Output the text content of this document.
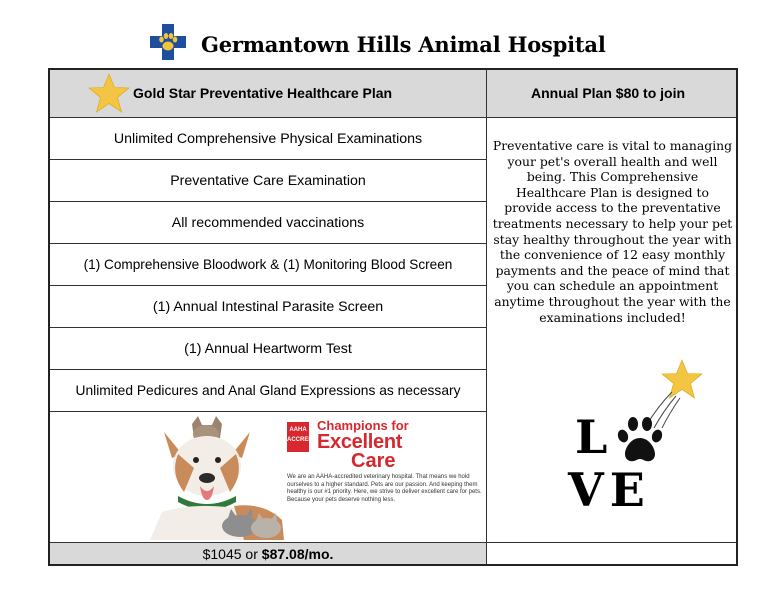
Germantown Hills Animal Hospital
Gold Star Preventative Healthcare Plan	Annual Plan $80 to join
Unlimited Comprehensive Physical Examinations
Preventative Care Examination
All recommended vaccinations
(1) Comprehensive Bloodwork & (1) Monitoring Blood Screen
(1) Annual Intestinal Parasite Screen
(1) Annual Heartworm Test
Unlimited Pedicures and Anal Gland Expressions as necessary
AAHA ACCREDITED
Champions for
Excellent
Care
We are an AAHA-accredited veterinary hospital. That means we hold ourselves to a higher standard. Pets are our passion. And keeping them healthy is our #1 priority. Here, we strive to deliver excellent care for pets. Because your pets deserve nothing less.
Preventative care is vital to managing your pet's overall health and well being. This Comprehensive Healthcare Plan is designed to provide access to the preventative treatments necessary to help your pet stay healthy throughout the year with the convenience of 12 easy monthly payments and the peace of mind that you can schedule an appointment anytime throughout the year with the examinations included!
$1045 or $87.08/mo.
L
VE
